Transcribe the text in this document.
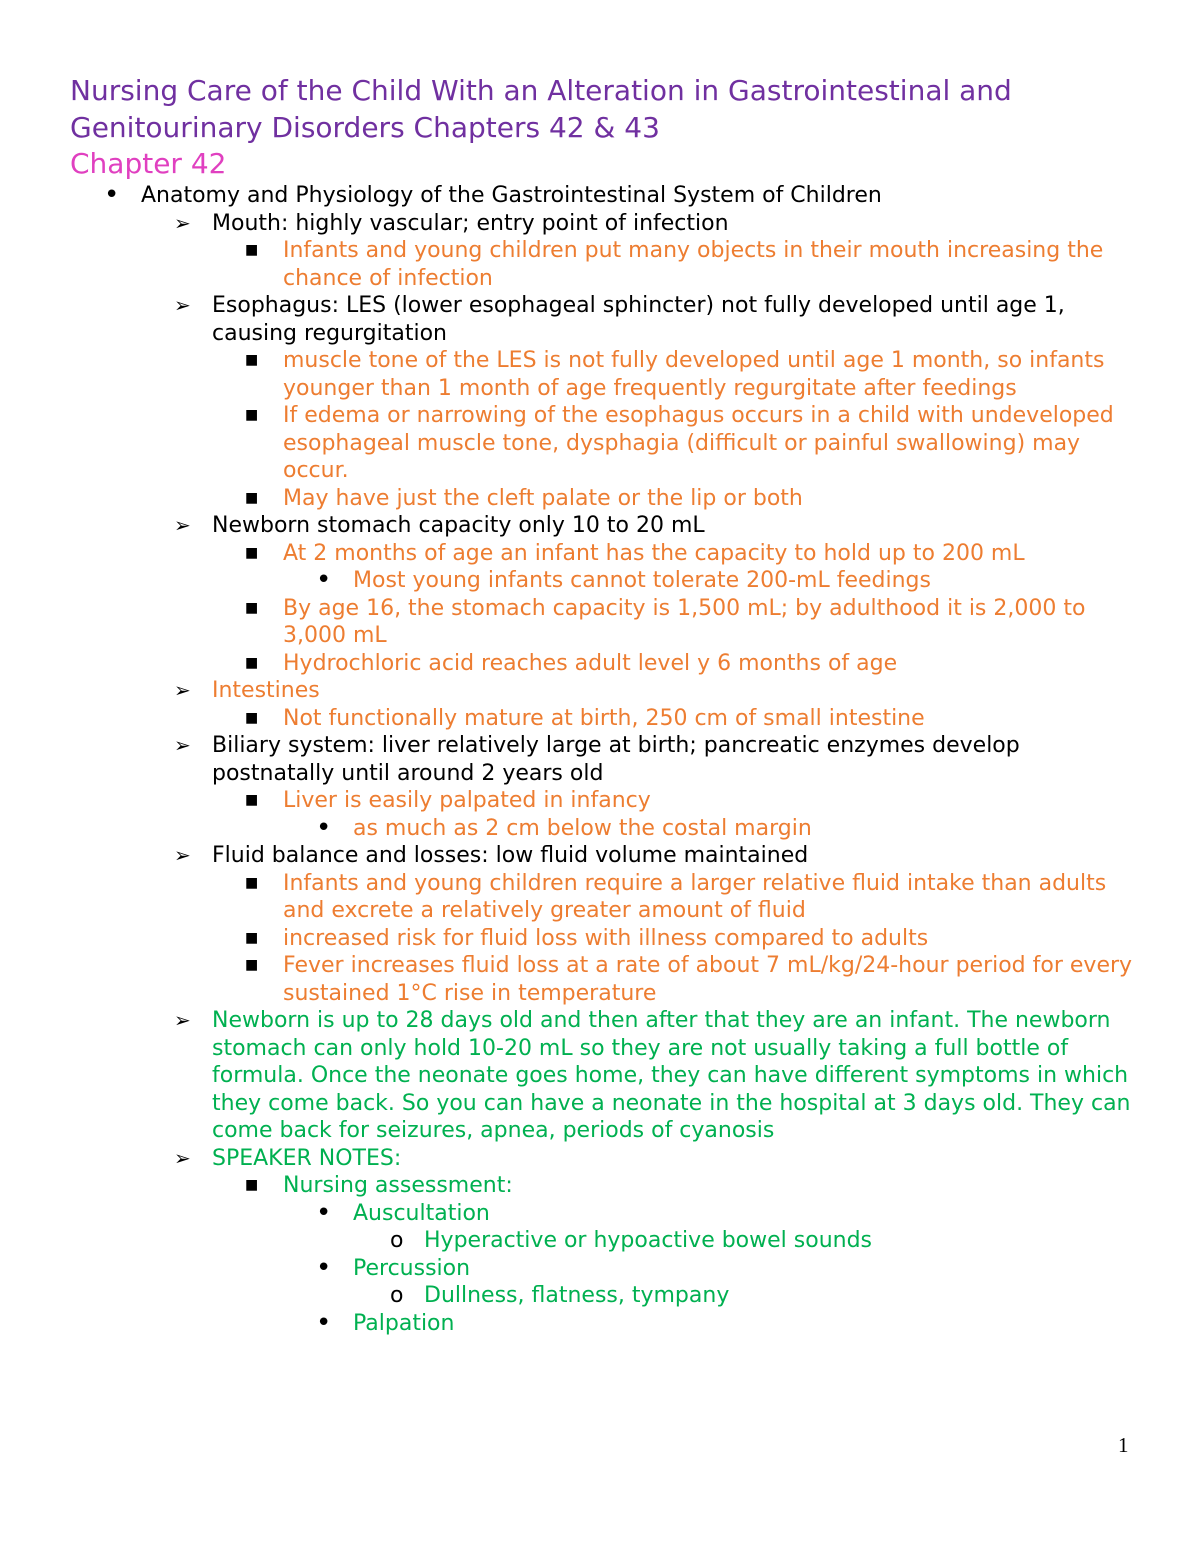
Nursing Care of the Child With an Alteration in Gastrointestinal and Genitourinary Disorders Chapters 42 & 43
Chapter 42
• Anatomy and Physiology of the Gastrointestinal System of Children
➢ Mouth: highly vascular; entry point of infection
■ Infants and young children put many objects in their mouth increasing the chance of infection
➢ Esophagus: LES (lower esophageal sphincter) not fully developed until age 1, causing regurgitation
■ muscle tone of the LES is not fully developed until age 1 month, so infants younger than 1 month of age frequently regurgitate after feedings
■ If edema or narrowing of the esophagus occurs in a child with undeveloped esophageal muscle tone, dysphagia (difficult or painful swallowing) may occur.
■ May have just the cleft palate or the lip or both
➢ Newborn stomach capacity only 10 to 20 mL
■ At 2 months of age an infant has the capacity to hold up to 200 mL
• Most young infants cannot tolerate 200-mL feedings
■ By age 16, the stomach capacity is 1,500 mL; by adulthood it is 2,000 to 3,000 mL
■ Hydrochloric acid reaches adult level y 6 months of age
➢ Intestines
■ Not functionally mature at birth, 250 cm of small intestine
➢ Biliary system: liver relatively large at birth; pancreatic enzymes develop postnatally until around 2 years old
■ Liver is easily palpated in infancy
• as much as 2 cm below the costal margin
➢ Fluid balance and losses: low fluid volume maintained
■ Infants and young children require a larger relative fluid intake than adults and excrete a relatively greater amount of fluid
■ increased risk for fluid loss with illness compared to adults
■ Fever increases fluid loss at a rate of about 7 mL/kg/24-hour period for every sustained 1°C rise in temperature
➢ Newborn is up to 28 days old and then after that they are an infant. The newborn stomach can only hold 10-20 mL so they are not usually taking a full bottle of formula. Once the neonate goes home, they can have different symptoms in which they come back. So you can have a neonate in the hospital at 3 days old. They can come back for seizures, apnea, periods of cyanosis
➢ SPEAKER NOTES:
■ Nursing assessment:
• Auscultation
o Hyperactive or hypoactive bowel sounds
• Percussion
o Dullness, flatness, tympany
• Palpation
1
